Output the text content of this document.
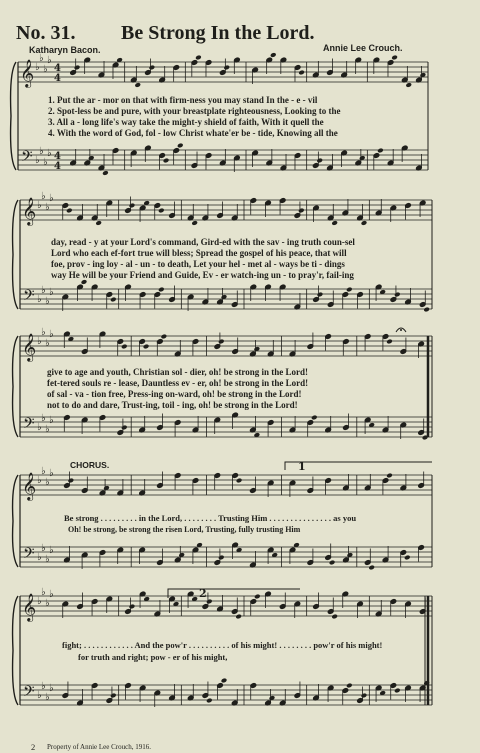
No. 31. Be Strong In the Lord.
Katharyn Bacon.	Annie Lee Crouch.
𝄞
𝄢
♭
♭
♭
♭
♭
♭
♭
♭
4
4
4
4
𝄞
𝄢
♭
♭
♭
♭
♭
♭
♭
♭
𝄞
𝄢
♭
♭
♭
♭
♭
♭
♭
♭
𝄞
𝄢
♭
♭
♭
♭
♭
♭
♭
♭
1
𝄞
𝄢
♭
♭
♭
♭
♭
♭
♭
♭
2
1. Put the ar - mor on that with firm-ness you may stand In the - e - vil
2. Spot-less be and pure, with your breastplate righteousness, Looking to the
3. All a - long life's way take the might-y shield of faith, With it quell the
4. With the word of God, fol - low Christ whate'er be - tide, Knowing all the
day, read - y at your Lord's command, Gird-ed with the sav - ing truth coun-sel
Lord who each ef-fort true will bless; Spread the gospel of his peace, that will
foe, prov - ing loy - al - un - to death, Let your hel - met al - ways be ti - dings
way He will be your Friend and Guide, Ev - er watch-ing un - to pray'r, fail-ing
give to age and youth, Christian sol - dier, oh! be strong in the Lord!
fet-tered souls re - lease, Dauntless ev - er, oh! be strong in the Lord!
of sal - va - tion free, Press-ing on-ward, oh! be strong in the Lord!
not to do and dare, Trust-ing, toil - ing, oh! be strong in the Lord!
CHORUS.
Be strong . . . . . . . . . in the Lord, . . . . . . . . Trusting Him . . . . . . . . . . . . . . . as you
Oh! be strong, be strong the risen Lord, Trusting, fully trusting Him
fight; . . . . . . . . . . . . And the pow'r . . . . . . . . . . of his might! . . . . . . . . pow'r of his might!
for truth and right; pow - er of his might,
2 Property of Annie Lee Crouch, 1916.
